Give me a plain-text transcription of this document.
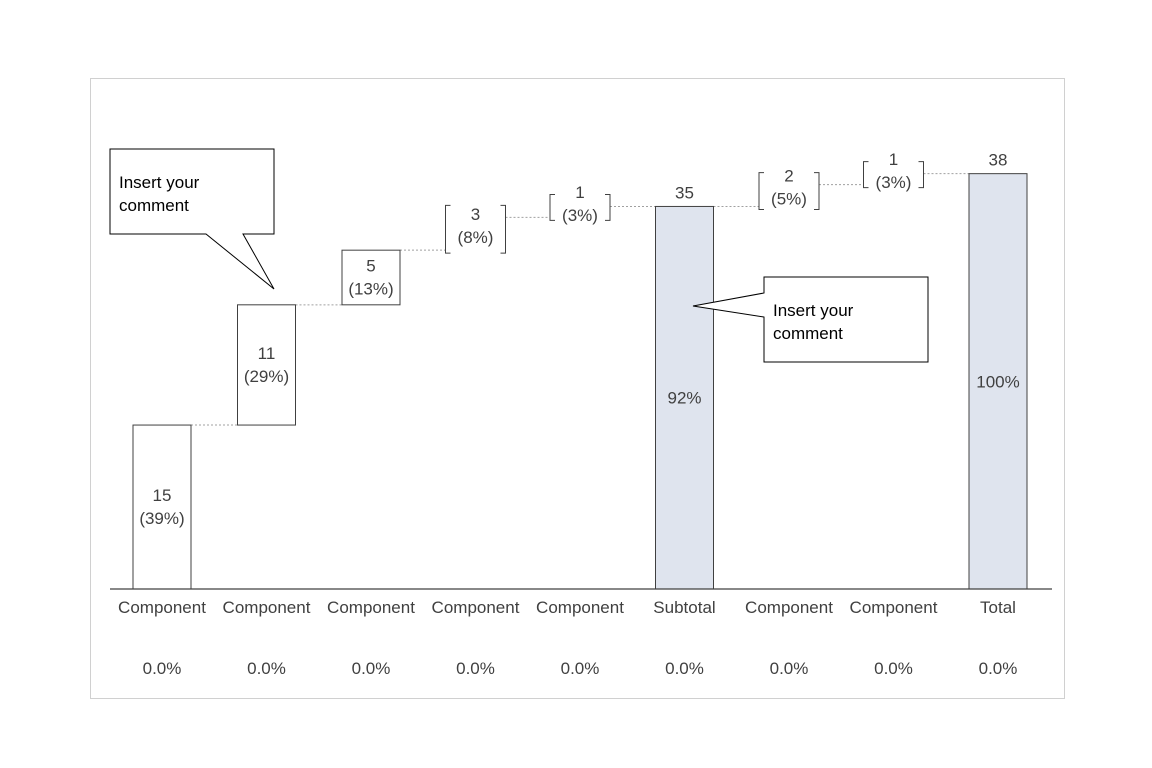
15
(39%)
11
(29%)
5
(13%)
3
(8%)
1
(3%)
35
92%
2
(5%)
1
(3%)
38
100%
Component Component Component Component Component Subtotal Component Component	Total
0.0%	0.0%	0.0%	0.0%	0.0%	0.0%	0.0%	0.0%	0.0%
Insert your
comment
Insert your
comment
